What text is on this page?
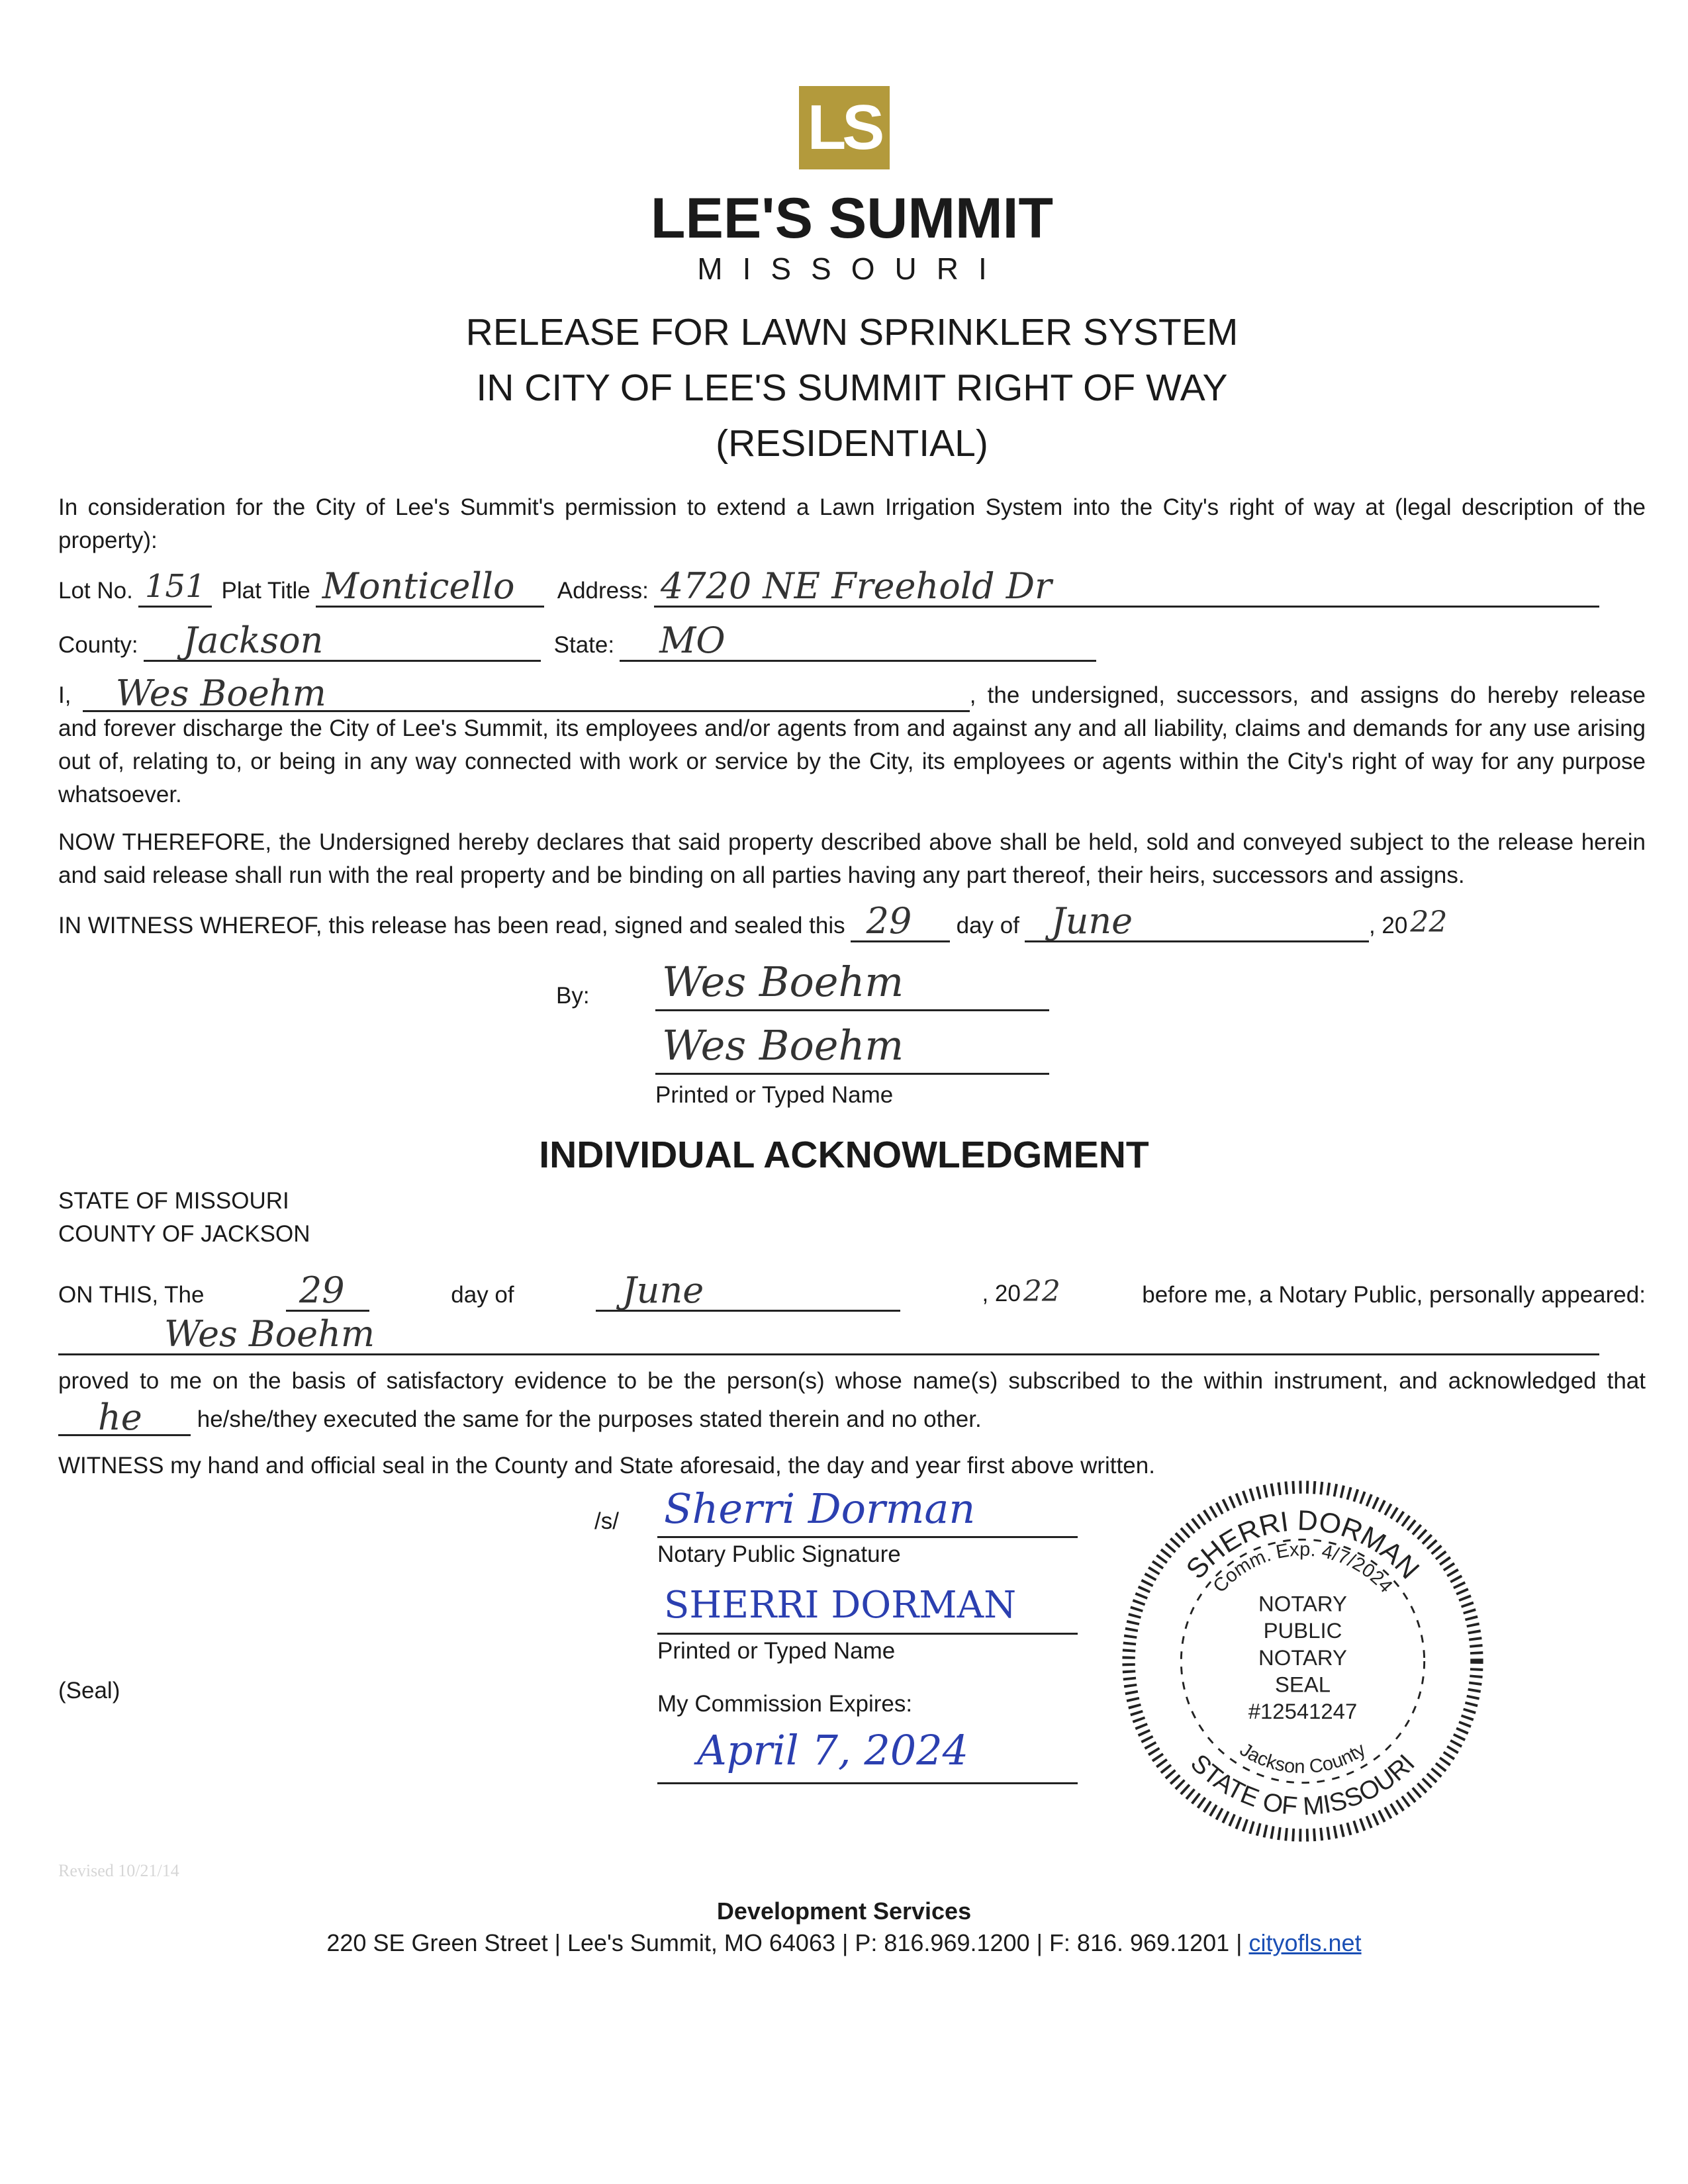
LS
LEE'S SUMMIT
MISSOURI
RELEASE FOR LAWN SPRINKLER SYSTEM
IN CITY OF LEE'S SUMMIT RIGHT OF WAY
(RESIDENTIAL)

In consideration for the City of Lee's Summit's permission to extend a Lawn Irrigation System into the City's right of way at (legal description of the property):

Lot No. 151 Plat Title Monticello	Address: 4720 NE Freehold Dr
County:	Jackson	State:	MO

I, Wes Boehm	, the undersigned, successors, and assigns do hereby release and forever discharge the City of Lee's Summit, its employees and/or agents from and against any and all liability, claims and demands for any use arising out of, relating to, or being in any way connected with work or service by the City, its employees or agents within the City's right of way for any purpose whatsoever.

NOW THEREFORE, the Undersigned hereby declares that said property described above shall be held, sold and conveyed subject to the release herein and said release shall run with the real property and be binding on all parties having any part thereof, their heirs, successors and assigns.

IN WITNESS WHEREOF, this release has been read, signed and sealed this 29	day of June	, 20 22
By:	Wes Boehm
Wes Boehm
Printed or Typed Name
INDIVIDUAL ACKNOWLEDGMENT
STATE OF MISSOURI
COUNTY OF JACKSON
ON THIS, The	29	day of	June	, 2022	before me, a Notary Public, personally appeared:
Wes Boehm

proved to me on the basis of satisfactory evidence to be the person(s) whose name(s) subscribed to the within instrument, and acknowledged that he he/she/they executed the same for the purposes stated therein and no other.

WITNESS my hand and official seal in the County and State aforesaid, the day and year first above written.
(Seal)
/s/	Sherri Dorman
Notary Public Signature
SHERRI DORMAN
Printed or Typed Name
My Commission Expires:
April 7, 2024
SHERRI DORMAN
Comm. Exp. 4/7/2024
Jackson County
STATE OF MISSOURI
NOTARY
PUBLIC
NOTARY
SEAL
#12541247
Revised 10/21/14
Development Services
220 SE Green Street | Lee's Summit, MO 64063 | P: 816.969.1200 | F: 816. 969.1201 | cityofls.net
